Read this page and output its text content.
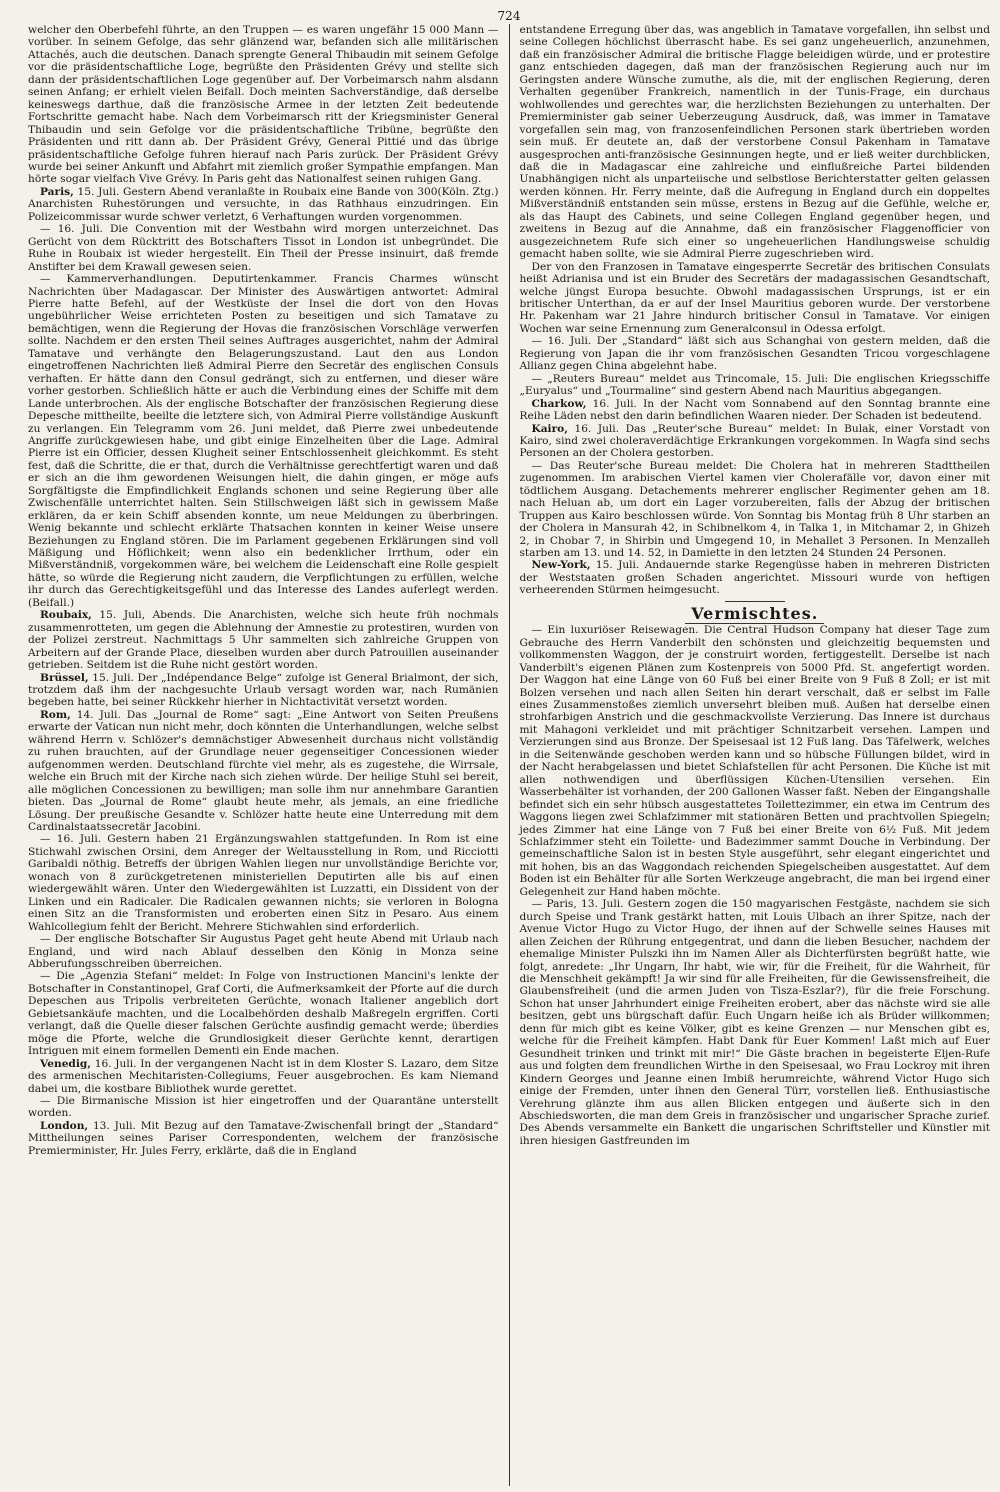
724

welcher den Oberbefehl führte, an den Truppen — es waren ungefähr 15 000 Mann — vorüber. In seinem Gefolge, das sehr glänzend war, befanden sich alle militärischen Attachés, auch die deutschen. Danach sprengte General Thibaudin mit seinem Gefolge vor die präsidentschaftliche Loge, begrüßte den Präsidenten Grévy und stellte sich dann der präsidentschaftlichen Loge gegenüber auf. Der Vorbeimarsch nahm alsdann seinen Anfang; er erhielt vielen Beifall. Doch meinten Sachverständige, daß derselbe keineswegs darthue, daß die französische Armee in der letzten Zeit bedeutende Fortschritte gemacht habe. Nach dem Vorbeimarsch ritt der Kriegsminister General Thibaudin und sein Gefolge vor die präsidentschaftliche Tribüne, begrüßte den Präsidenten und ritt dann ab. Der Präsident Grévy, General Pittié und das übrige präsidentschaftliche Gefolge fuhren hierauf nach Paris zurück. Der Präsident Grévy wurde bei seiner Ankunft und Abfahrt mit ziemlich großer Sympathie empfangen. Man hörte sogar vielfach Vive Grévy. In Paris geht das Nationalfest seinen ruhigen Gang.
(Köln. Ztg.)

Paris, 15. Juli. Gestern Abend veranlaßte in Roubaix eine Bande von 300 Anarchisten Ruhestörungen und versuchte, in das Rathhaus einzudringen. Ein Polizeicommissar wurde schwer verletzt, 6 Verhaftungen wurden vorgenommen.

— 16. Juli. Die Convention mit der Westbahn wird morgen unterzeichnet. Das Gerücht von dem Rücktritt des Botschafters Tissot in London ist unbegründet. Die Ruhe in Roubaix ist wieder hergestellt. Ein Theil der Presse insinuirt, daß fremde Anstifter bei dem Krawall gewesen seien.

— Kammerverhandlungen. Deputirtenkammer. Francis Charmes wünscht Nachrichten über Madagascar. Der Minister des Auswärtigen antwortet: Admiral Pierre hatte Befehl, auf der Westküste der Insel die dort von den Hovas ungebührlicher Weise errichteten Posten zu beseitigen und sich Tamatave zu bemächtigen, wenn die Regierung der Hovas die französischen Vorschläge verwerfen sollte. Nachdem er den ersten Theil seines Auftrages ausgerichtet, nahm der Admiral Tamatave und verhängte den Belagerungszustand. Laut den aus London eingetroffenen Nachrichten ließ Admiral Pierre den Secretär des englischen Consuls verhaften. Er hätte dann den Consul gedrängt, sich zu entfernen, und dieser wäre vorher gestorben. Schließlich hätte er auch die Verbindung eines der Schiffe mit dem Lande unterbrochen. Als der englische Botschafter der französischen Regierung diese Depesche mittheilte, beeilte die letztere sich, von Admiral Pierre vollständige Auskunft zu verlangen. Ein Telegramm vom 26. Juni meldet, daß Pierre zwei unbedeutende Angriffe zurückgewiesen habe, und gibt einige Einzelheiten über die Lage. Admiral Pierre ist ein Officier, dessen Klugheit seiner Entschlossenheit gleichkommt. Es steht fest, daß die Schritte, die er that, durch die Verhältnisse gerechtfertigt waren und daß er sich an die ihm gewordenen Weisungen hielt, die dahin gingen, er möge aufs Sorgfältigste die Empfindlichkeit Englands schonen und seine Regierung über alle Zwischenfälle unterrichtet halten. Sein Stillschweigen läßt sich in gewissem Maße erklären, da er kein Schiff absenden konnte, um neue Meldungen zu überbringen. Wenig bekannte und schlecht erklärte Thatsachen konnten in keiner Weise unsere Beziehungen zu England stören. Die im Parlament gegebenen Erklärungen sind voll Mäßigung und Höflichkeit; wenn also ein bedenklicher Irrthum, oder ein Mißverständniß, vorgekommen wäre, bei welchem die Leidenschaft eine Rolle gespielt hätte, so würde die Regierung nicht zaudern, die Verpflichtungen zu erfüllen, welche ihr durch das Gerechtigkeitsgefühl und das Interesse des Landes auferlegt werden. (Beifall.)

Roubaix, 15. Juli, Abends. Die Anarchisten, welche sich heute früh nochmals zusammenrotteten, um gegen die Ablehnung der Amnestie zu protestiren, wurden von der Polizei zerstreut. Nachmittags 5 Uhr sammelten sich zahlreiche Gruppen von Arbeitern auf der Grande Place, dieselben wurden aber durch Patrouillen auseinander getrieben. Seitdem ist die Ruhe nicht gestört worden.

Brüssel, 15. Juli. Der „Indépendance Belge“ zufolge ist General Brialmont, der sich, trotzdem daß ihm der nachgesuchte Urlaub versagt worden war, nach Rumänien begeben hatte, bei seiner Rückkehr hierher in Nichtactivität versetzt worden.

Rom, 14. Juli. Das „Journal de Rome“ sagt: „Eine Antwort von Seiten Preußens erwarte der Vatican nun nicht mehr, doch könnten die Unterhandlungen, welche selbst während Herrn v. Schlözer's demnächstiger Abwesenheit durchaus nicht vollständig zu ruhen brauchten, auf der Grundlage neuer gegenseitiger Concessionen wieder aufgenommen werden. Deutschland fürchte viel mehr, als es zugestehe, die Wirrsale, welche ein Bruch mit der Kirche nach sich ziehen würde. Der heilige Stuhl sei bereit, alle möglichen Concessionen zu bewilligen; man solle ihm nur annehmbare Garantien bieten. Das „Journal de Rome“ glaubt heute mehr, als jemals, an eine friedliche Lösung. Der preußische Gesandte v. Schlözer hatte heute eine Unterredung mit dem Cardinalstaatssecretär Jacobini.

— 16. Juli. Gestern haben 21 Ergänzungswahlen stattgefunden. In Rom ist eine Stichwahl zwischen Orsini, dem Anreger der Weltausstellung in Rom, und Ricciotti Garibaldi nöthig. Betreffs der übrigen Wahlen liegen nur unvollständige Berichte vor, wonach von 8 zurückgetretenen ministeriellen Deputirten alle bis auf einen wiedergewählt wären. Unter den Wiedergewählten ist Luzzatti, ein Dissident von der Linken und ein Radicaler. Die Radicalen gewannen nichts; sie verloren in Bologna einen Sitz an die Transformisten und eroberten einen Sitz in Pesaro. Aus einem Wahlcollegium fehlt der Bericht. Mehrere Stichwahlen sind erforderlich.

— Der englische Botschafter Sir Augustus Paget geht heute Abend mit Urlaub nach England, und wird nach Ablauf desselben den König in Monza seine Abberufungsschreiben überreichen.

— Die „Agenzia Stefani“ meldet: In Folge von Instructionen Mancini's lenkte der Botschafter in Constantinopel, Graf Corti, die Aufmerksamkeit der Pforte auf die durch Depeschen aus Tripolis verbreiteten Gerüchte, wonach Italiener angeblich dort Gebietsankäufe machten, und die Localbehörden deshalb Maßregeln ergriffen. Corti verlangt, daß die Quelle dieser falschen Gerüchte ausfindig gemacht werde; überdies möge die Pforte, welche die Grundlosigkeit dieser Gerüchte kennt, derartigen Intriguen mit einem formellen Dementi ein Ende machen.

Venedig, 16. Juli. In der vergangenen Nacht ist in dem Kloster S. Lazaro, dem Sitze des armenischen Mechitaristen-Collegiums, Feuer ausgebrochen. Es kam Niemand dabei um, die kostbare Bibliothek wurde gerettet.

— Die Birmanische Mission ist hier eingetroffen und der Quarantäne unterstellt worden.

London, 13. Juli. Mit Bezug auf den Tamatave-Zwischenfall bringt der „Standard“ Mittheilungen seines Pariser Correspondenten, welchem der französische Premierminister, Hr. Jules Ferry, erklärte, daß die in England

entstandene Erregung über das, was angeblich in Tamatave vorgefallen, ihn selbst und seine Collegen höchlichst überrascht habe. Es sei ganz ungeheuerlich, anzunehmen, daß ein französischer Admiral die britische Flagge beleidigen würde, und er protestire ganz entschieden dagegen, daß man der französischen Regierung auch nur im Geringsten andere Wünsche zumuthe, als die, mit der englischen Regierung, deren Verhalten gegenüber Frankreich, namentlich in der Tunis-Frage, ein durchaus wohlwollendes und gerechtes war, die herzlichsten Beziehungen zu unterhalten. Der Premierminister gab seiner Ueberzeugung Ausdruck, daß, was immer in Tamatave vorgefallen sein mag, von franzosenfeindlichen Personen stark übertrieben worden sein muß. Er deutete an, daß der verstorbene Consul Pakenham in Tamatave ausgesprochen anti-französische Gesinnungen hegte, und er ließ weiter durchblicken, daß die in Madagascar eine zahlreiche und einflußreiche Partei bildenden Unabhängigen nicht als unparteiische und selbstlose Berichterstatter gelten gelassen werden können. Hr. Ferry meinte, daß die Aufregung in England durch ein doppeltes Mißverständniß entstanden sein müsse, erstens in Bezug auf die Gefühle, welche er, als das Haupt des Cabinets, und seine Collegen England gegenüber hegen, und zweitens in Bezug auf die Annahme, daß ein französischer Flaggenofficier von ausgezeichnetem Rufe sich einer so ungeheuerlichen Handlungsweise schuldig gemacht haben sollte, wie sie Admiral Pierre zugeschrieben wird.

Der von den Franzosen in Tamatave eingesperrte Secretär des britischen Consulats heißt Adrianisa und ist ein Bruder des Secretärs der madagassischen Gesandtschaft, welche jüngst Europa besuchte. Obwohl madagassischen Ursprungs, ist er ein britischer Unterthan, da er auf der Insel Mauritius geboren wurde. Der verstorbene Hr. Pakenham war 21 Jahre hindurch britischer Consul in Tamatave. Vor einigen Wochen war seine Ernennung zum Generalconsul in Odessa erfolgt.

— 16. Juli. Der „Standard“ läßt sich aus Schanghai von gestern melden, daß die Regierung von Japan die ihr vom französischen Gesandten Tricou vorgeschlagene Allianz gegen China abgelehnt habe.

— „Reuters Bureau“ meldet aus Trincomale, 15. Juli: Die englischen Kriegsschiffe „Euryalus“ und „Tourmaline“ sind gestern Abend nach Mauritius abgegangen.

Charkow, 16. Juli. In der Nacht vom Sonnabend auf den Sonntag brannte eine Reihe Läden nebst den darin befindlichen Waaren nieder. Der Schaden ist bedeutend.

Kairo, 16. Juli. Das „Reuter'sche Bureau“ meldet: In Bulak, einer Vorstadt von Kairo, sind zwei choleraverdächtige Erkrankungen vorgekommen. In Wagfa sind sechs Personen an der Cholera gestorben.

— Das Reuter'sche Bureau meldet: Die Cholera hat in mehreren Stadttheilen zugenommen. Im arabischen Viertel kamen vier Cholerafälle vor, davon einer mit tödtlichem Ausgang. Detachements mehrerer englischer Regimenter gehen am 18. nach Heluan ab, um dort ein Lager vorzubereiten, falls der Abzug der britischen Truppen aus Kairo beschlossen würde. Von Sonntag bis Montag früh 8 Uhr starben an der Cholera in Mansurah 42, in Schibnelkom 4, in Talka 1, in Mitchamar 2, in Ghizeh 2, in Chobar 7, in Shirbin und Umgegend 10, in Mehallet 3 Personen. In Menzalleh starben am 13. und 14. 52, in Damiette in den letzten 24 Stunden 24 Personen.

New-York, 15. Juli. Andauernde starke Regengüsse haben in mehreren Districten der Weststaaten großen Schaden angerichtet. Missouri wurde von heftigen verheerenden Stürmen heimgesucht.

Vermischtes.

— Ein luxuriöser Reisewagen. Die Central Hudson Company hat dieser Tage zum Gebrauche des Herrn Vanderbilt den schönsten und gleichzeitig bequemsten und vollkommensten Waggon, der je construirt worden, fertiggestellt. Derselbe ist nach Vanderbilt's eigenen Plänen zum Kostenpreis von 5000 Pfd. St. angefertigt worden. Der Waggon hat eine Länge von 60 Fuß bei einer Breite von 9 Fuß 8 Zoll; er ist mit Bolzen versehen und nach allen Seiten hin derart verschalt, daß er selbst im Falle eines Zusammenstoßes ziemlich unversehrt bleiben muß. Außen hat derselbe einen strohfarbigen Anstrich und die geschmackvollste Verzierung. Das Innere ist durchaus mit Mahagoni verkleidet und mit prächtiger Schnitzarbeit versehen. Lampen und Verzierungen sind aus Bronze. Der Speisesaal ist 12 Fuß lang. Das Täfelwerk, welches in die Seitenwände geschoben werden kann und so hübsche Füllungen bildet, wird in der Nacht herabgelassen und bietet Schlafstellen für acht Personen. Die Küche ist mit allen nothwendigen und überflüssigen Küchen-Utensilien versehen. Ein Wasserbehälter ist vorhanden, der 200 Gallonen Wasser faßt. Neben der Eingangshalle befindet sich ein sehr hübsch ausgestattetes Toilettezimmer, ein etwa im Centrum des Waggons liegen zwei Schlafzimmer mit stationären Betten und prachtvollen Spiegeln; jedes Zimmer hat eine Länge von 7 Fuß bei einer Breite von 6½ Fuß. Mit jedem Schlafzimmer steht ein Toilette- und Badezimmer sammt Douche in Verbindung. Der gemeinschaftliche Salon ist in besten Style ausgeführt, sehr elegant eingerichtet und mit hohen, bis an das Waggondach reichenden Spiegelscheiben ausgestattet. Auf dem Boden ist ein Behälter für alle Sorten Werkzeuge angebracht, die man bei irgend einer Gelegenheit zur Hand haben möchte.

— Paris, 13. Juli. Gestern zogen die 150 magyarischen Festgäste, nachdem sie sich durch Speise und Trank gestärkt hatten, mit Louis Ulbach an ihrer Spitze, nach der Avenue Victor Hugo zu Victor Hugo, der ihnen auf der Schwelle seines Hauses mit allen Zeichen der Rührung entgegentrat, und dann die lieben Besucher, nachdem der ehemalige Minister Pulszki ihn im Namen Aller als Dichterfürsten begrüßt hatte, wie folgt, anredete: „Ihr Ungarn, Ihr habt, wie wir, für die Freiheit, für die Wahrheit, für die Menschheit gekämpft! Ja wir sind für alle Freiheiten, für die Gewissensfreiheit, die Glaubensfreiheit (und die armen Juden von Tisza-Eszlar?), für die freie Forschung. Schon hat unser Jahrhundert einige Freiheiten erobert, aber das nächste wird sie alle besitzen, gebt uns bürgschaft dafür. Euch Ungarn heiße ich als Brüder willkommen; denn für mich gibt es keine Völker, gibt es keine Grenzen — nur Menschen gibt es, welche für die Freiheit kämpfen. Habt Dank für Euer Kommen! Laßt mich auf Euer Gesundheit trinken und trinkt mit mir!“ Die Gäste brachen in begeisterte Eljen-Rufe aus und folgten dem freundlichen Wirthe in den Speisesaal, wo Frau Lockroy mit ihren Kindern Georges und Jeanne einen Imbiß herumreichte, während Victor Hugo sich einige der Fremden, unter ihnen den General Türr, vorstellen ließ. Enthusiastische Verehrung glänzte ihm aus allen Blicken entgegen und äußerte sich in den Abschiedsworten, die man dem Greis in französischer und ungarischer Sprache zurief. Des Abends versammelte ein Bankett die ungarischen Schriftsteller und Künstler mit ihren hiesigen Gastfreunden im
